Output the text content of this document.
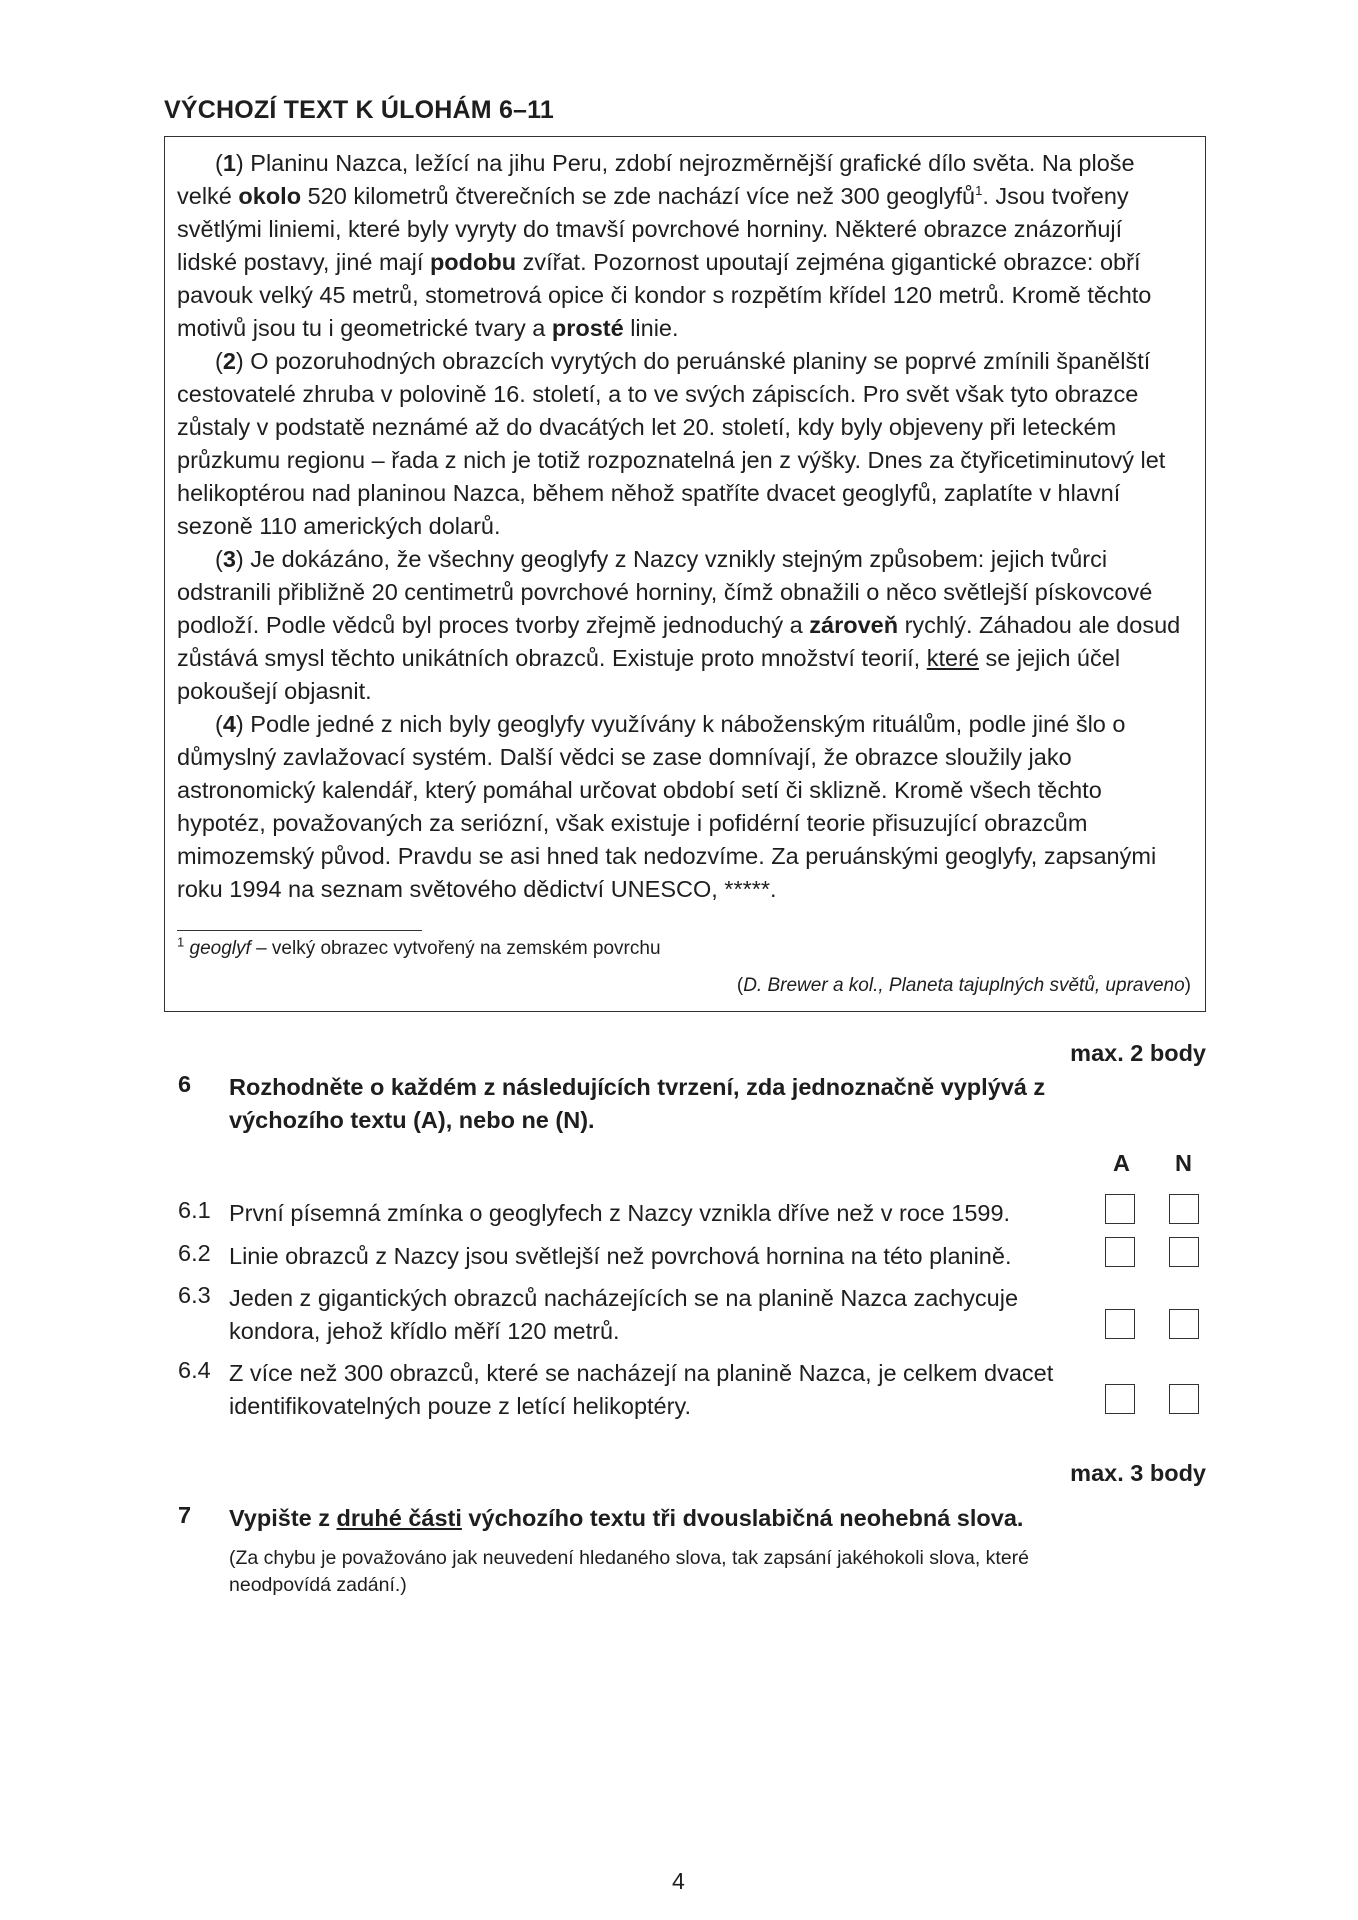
VÝCHOZÍ TEXT K ÚLOHÁM 6–11

(1) Planinu Nazca, ležící na jihu Peru, zdobí nejrozměrnější grafické dílo světa. Na ploše velké okolo 520 kilometrů čtverečních se zde nachází více než 300 geoglyfů$^1$. Jsou tvořeny světlými liniemi, které byly vyryty do tmavší povrchové horniny. Některé obrazce znázorňují lidské postavy, jiné mají podobu zvířat. Pozornost upoutají zejména gigantické obrazce: obří pavouk velký 45 metrů, stometrová opice či kondor s rozpětím křídel 120 metrů. Kromě těchto motivů jsou tu i geometrické tvary a prosté linie.

(2) O pozoruhodných obrazcích vyrytých do peruánské planiny se poprvé zmínili španělští cestovatelé zhruba v polovině 16. století, a to ve svých zápiscích. Pro svět však tyto obrazce zůstaly v podstatě neznámé až do dvacátých let 20. století, kdy byly objeveny při leteckém průzkumu regionu – řada z nich je totiž rozpoznatelná jen z výšky. Dnes za čtyřicetiminutový let helikoptérou nad planinou Nazca, během něhož spatříte dvacet geoglyfů, zaplatíte v hlavní sezoně 110 amerických dolarů.

(3) Je dokázáno, že všechny geoglyfy z Nazcy vznikly stejným způsobem: jejich tvůrci odstranili přibližně 20 centimetrů povrchové horniny, čímž obnažili o něco světlejší pískovcové podloží. Podle vědců byl proces tvorby zřejmě jednoduchý a zároveň rychlý. Záhadou ale dosud zůstává smysl těchto unikátních obrazců. Existuje proto množství teorií, které se jejich účel pokoušejí objasnit.

(4) Podle jedné z nich byly geoglyfy využívány k náboženským rituálům, podle jiné šlo o důmyslný zavlažovací systém. Další vědci se zase domnívají, že obrazce sloužily jako astronomický kalendář, který pomáhal určovat období setí či sklizně. Kromě všech těchto hypotéz, považovaných za seriózní, však existuje i pofidérní teorie přisuzující obrazcům mimozemský původ. Pravdu se asi hned tak nedozvíme. Za peruánskými geoglyfy, zapsanými roku 1994 na seznam světového dědictví UNESCO, *****.

$^1$ geoglyf – velký obrazec vytvořený na zemském povrchu
(D. Brewer a kol., Planeta tajuplných světů, upraveno)
max. 2 body
6 Rozhodněte o každém z následujících tvrzení, zda jednoznačně vyplývá z výchozího textu (A), nebo ne (N).

A N
6.1 První písemná zmínka o geoglyfech z Nazcy vznikla dříve než v roce 1599.

6.2 Linie obrazců z Nazcy jsou světlejší než povrchová hornina na této planině.

6.3 Jeden z gigantických obrazců nacházejících se na planině Nazca zachycuje kondora, jehož křídlo měří 120 metrů.

6.4 Z více než 300 obrazců, které se nacházejí na planině Nazca, je celkem dvacet identifikovatelných pouze z letící helikoptéry.

max. 3 body
7 Vypište z druhé části výchozího textu tři dvouslabičná neohebná slova.

(Za chybu je považováno jak neuvedení hledaného slova, tak zapsání jakéhokoli slova, které neodpovídá zadání.)

4
